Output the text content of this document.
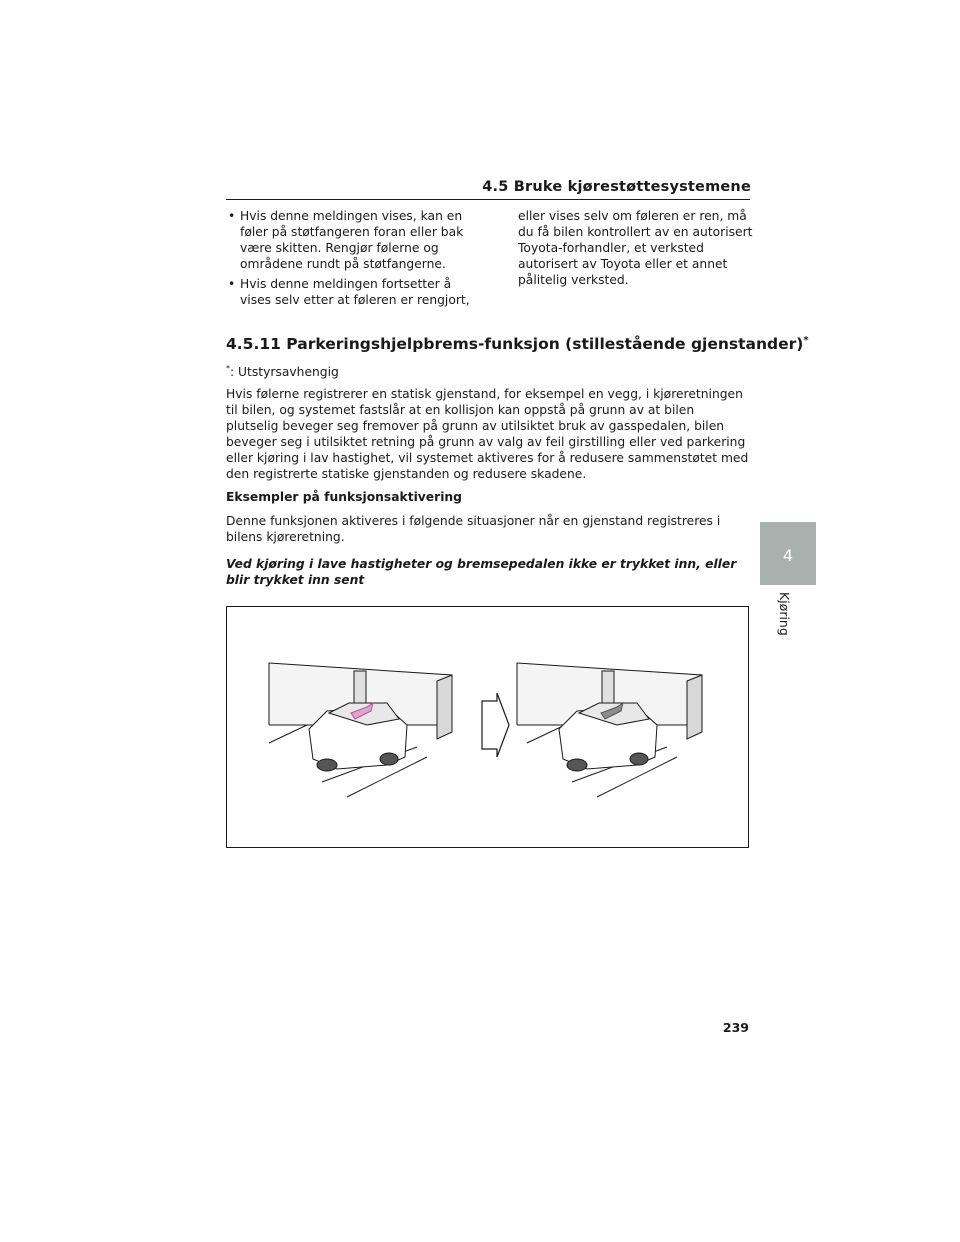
4.5 Bruke kjørestøttesystemene
• Hvis denne meldingen vises, kan en føler på støtfangeren foran eller bak være skitten. Rengjør følerne og områdene rundt på støtfangerne.
• Hvis denne meldingen fortsetter å vises selv etter at føleren er rengjort,
eller vises selv om føleren er ren, må du få bilen kontrollert av en autorisert Toyota-forhandler, et verksted autorisert av Toyota eller et annet pålitelig verksted.
4.5.11 Parkeringshjelpbrems-funksjon (stillestående gjenstander)*
*: Utstyrsavhengig
Hvis følerne registrerer en statisk gjenstand, for eksempel en vegg, i kjøreretningen til bilen, og systemet fastslår at en kollisjon kan oppstå på grunn av at bilen plutselig beveger seg fremover på grunn av utilsiktet bruk av gasspedalen, bilen beveger seg i utilsiktet retning på grunn av valg av feil girstilling eller ved parkering eller kjøring i lav hastighet, vil systemet aktiveres for å redusere sammenstøtet med den registrerte statiske gjenstanden og redusere skadene.
Eksempler på funksjonsaktivering
Denne funksjonen aktiveres i følgende situasjoner når en gjenstand registreres i bilens kjøreretning.
Ved kjøring i lave hastigheter og bremsepedalen ikke er trykket inn, eller blir trykket inn sent
4
Kjøring
239
